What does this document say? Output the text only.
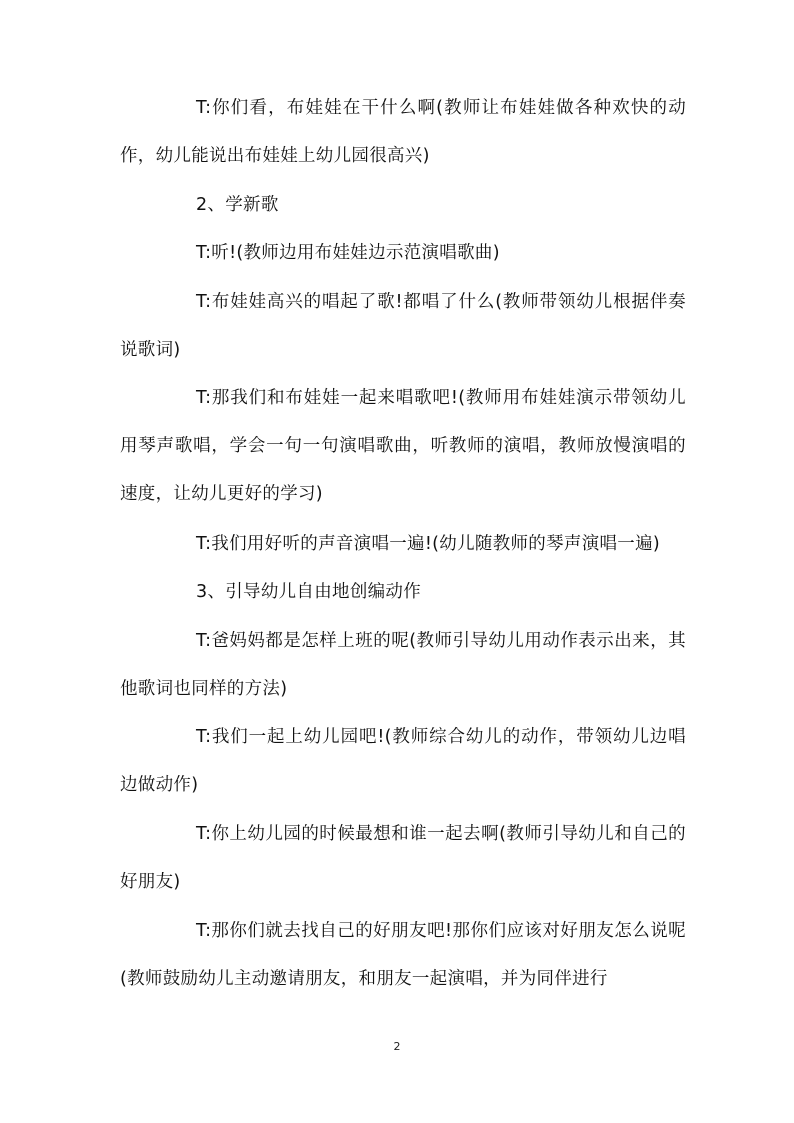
T:你们看，布娃娃在干什么啊(教师让布娃娃做各种欢快的动作，幼儿能说出布娃娃上幼儿园很高兴)

2、学新歌

T:听!(教师边用布娃娃边示范演唱歌曲)

T:布娃娃高兴的唱起了歌!都唱了什么(教师带领幼儿根据伴奏说歌词)

T:那我们和布娃娃一起来唱歌吧!(教师用布娃娃演示带领幼儿用琴声歌唱，学会一句一句演唱歌曲，听教师的演唱，教师放慢演唱的速度，让幼儿更好的学习)

T:我们用好听的声音演唱一遍!(幼儿随教师的琴声演唱一遍)

3、引导幼儿自由地创编动作

T:爸妈妈都是怎样上班的呢(教师引导幼儿用动作表示出来，其他歌词也同样的方法)

T:我们一起上幼儿园吧!(教师综合幼儿的动作，带领幼儿边唱边做动作)

T:你上幼儿园的时候最想和谁一起去啊(教师引导幼儿和自己的好朋友)

T:那你们就去找自己的好朋友吧!那你们应该对好朋友怎么说呢(教师鼓励幼儿主动邀请朋友，和朋友一起演唱，并为同伴进行

2
